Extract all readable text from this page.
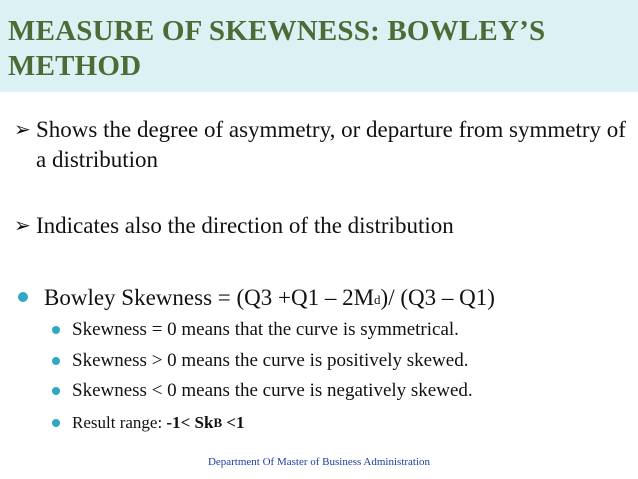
MEASURE OF SKEWNESS: BOWLEY’S METHOD
➢ Shows the degree of asymmetry, or departure from symmetry of a distribution
➢ Indicates also the direction of the distribution
Bowley Skewness = (Q3 +Q1 – 2Md)/ (Q3 – Q1)
Skewness = 0 means that the curve is symmetrical.
Skewness > 0 means the curve is positively skewed.
Skewness < 0 means the curve is negatively skewed.
Result range: -1< SkB <1
Department Of Master of Business Administration
